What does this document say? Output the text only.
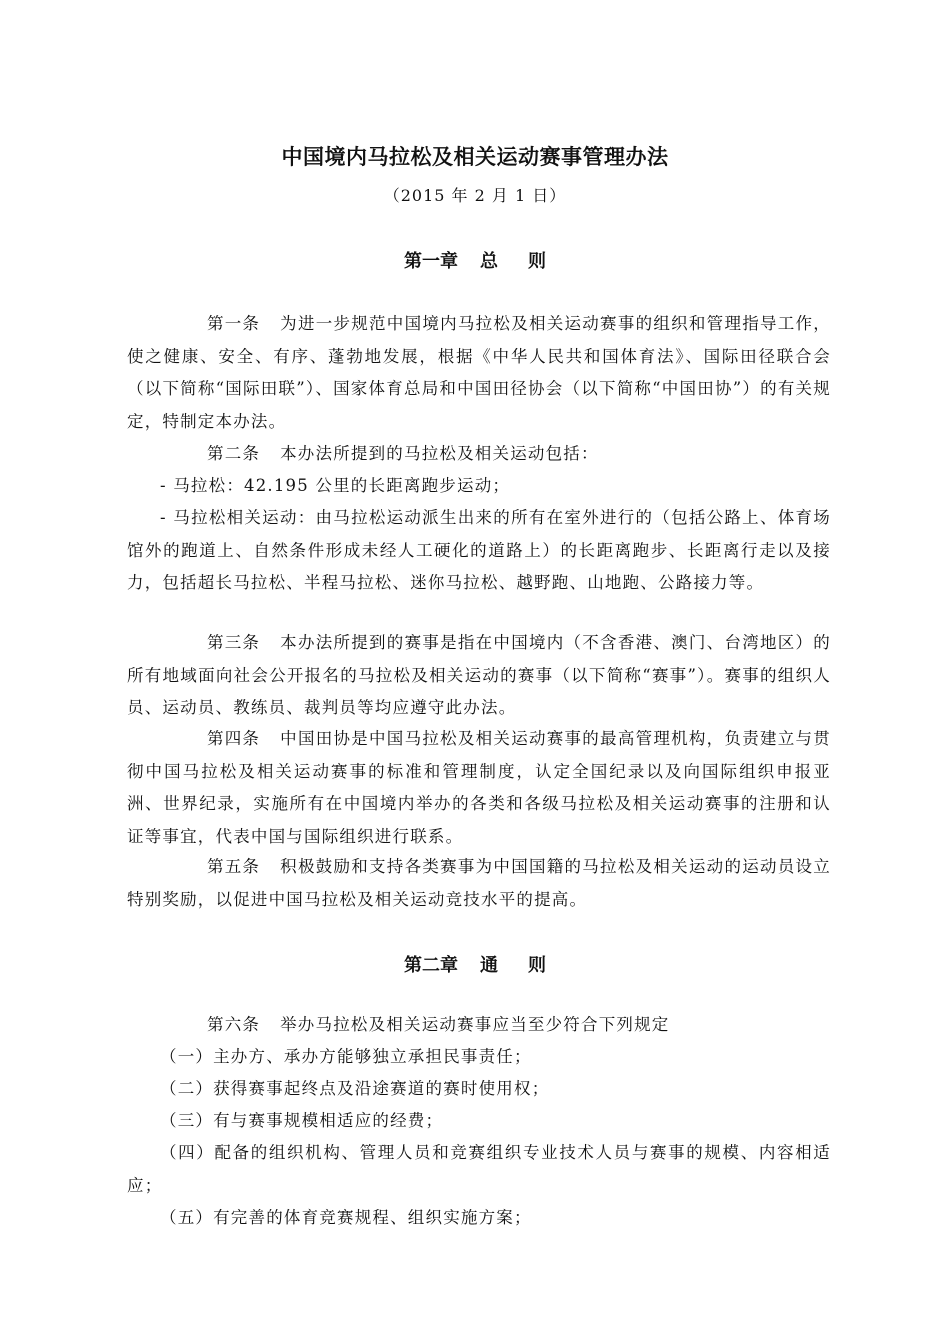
中国境内马拉松及相关运动赛事管理办法
（2015 年 2 月 1 日）
第一章 总 则
第一条 为进一步规范中国境内马拉松及相关运动赛事的组织和管理指导工作，使之健康、安全、有序、蓬勃地发展，根据《中华人民共和国体育法》、国际田径联合会（以下简称“国际田联”）、国家体育总局和中国田径协会（以下简称“中国田协”）的有关规定，特制定本办法。
第二条 本办法所提到的马拉松及相关运动包括：
- 马拉松：42.195 公里的长距离跑步运动；
- 马拉松相关运动：由马拉松运动派生出来的所有在室外进行的（包括公路上、体育场馆外的跑道上、自然条件形成未经人工硬化的道路上）的长距离跑步、长距离行走以及接力，包括超长马拉松、半程马拉松、迷你马拉松、越野跑、山地跑、公路接力等。
第三条 本办法所提到的赛事是指在中国境内（不含香港、澳门、台湾地区）的所有地域面向社会公开报名的马拉松及相关运动的赛事（以下简称“赛事”）。赛事的组织人员、运动员、教练员、裁判员等均应遵守此办法。
第四条 中国田协是中国马拉松及相关运动赛事的最高管理机构，负责建立与贯彻中国马拉松及相关运动赛事的标准和管理制度，认定全国纪录以及向国际组织申报亚洲、世界纪录，实施所有在中国境内举办的各类和各级马拉松及相关运动赛事的注册和认证等事宜，代表中国与国际组织进行联系。
第五条 积极鼓励和支持各类赛事为中国国籍的马拉松及相关运动的运动员设立特别奖励，以促进中国马拉松及相关运动竞技水平的提高。
第二章 通 则
第六条 举办马拉松及相关运动赛事应当至少符合下列规定
（一）主办方、承办方能够独立承担民事责任；
（二）获得赛事起终点及沿途赛道的赛时使用权；
（三）有与赛事规模相适应的经费；
（四）配备的组织机构、管理人员和竞赛组织专业技术人员与赛事的规模、内容相适应；
（五）有完善的体育竞赛规程、组织实施方案；
